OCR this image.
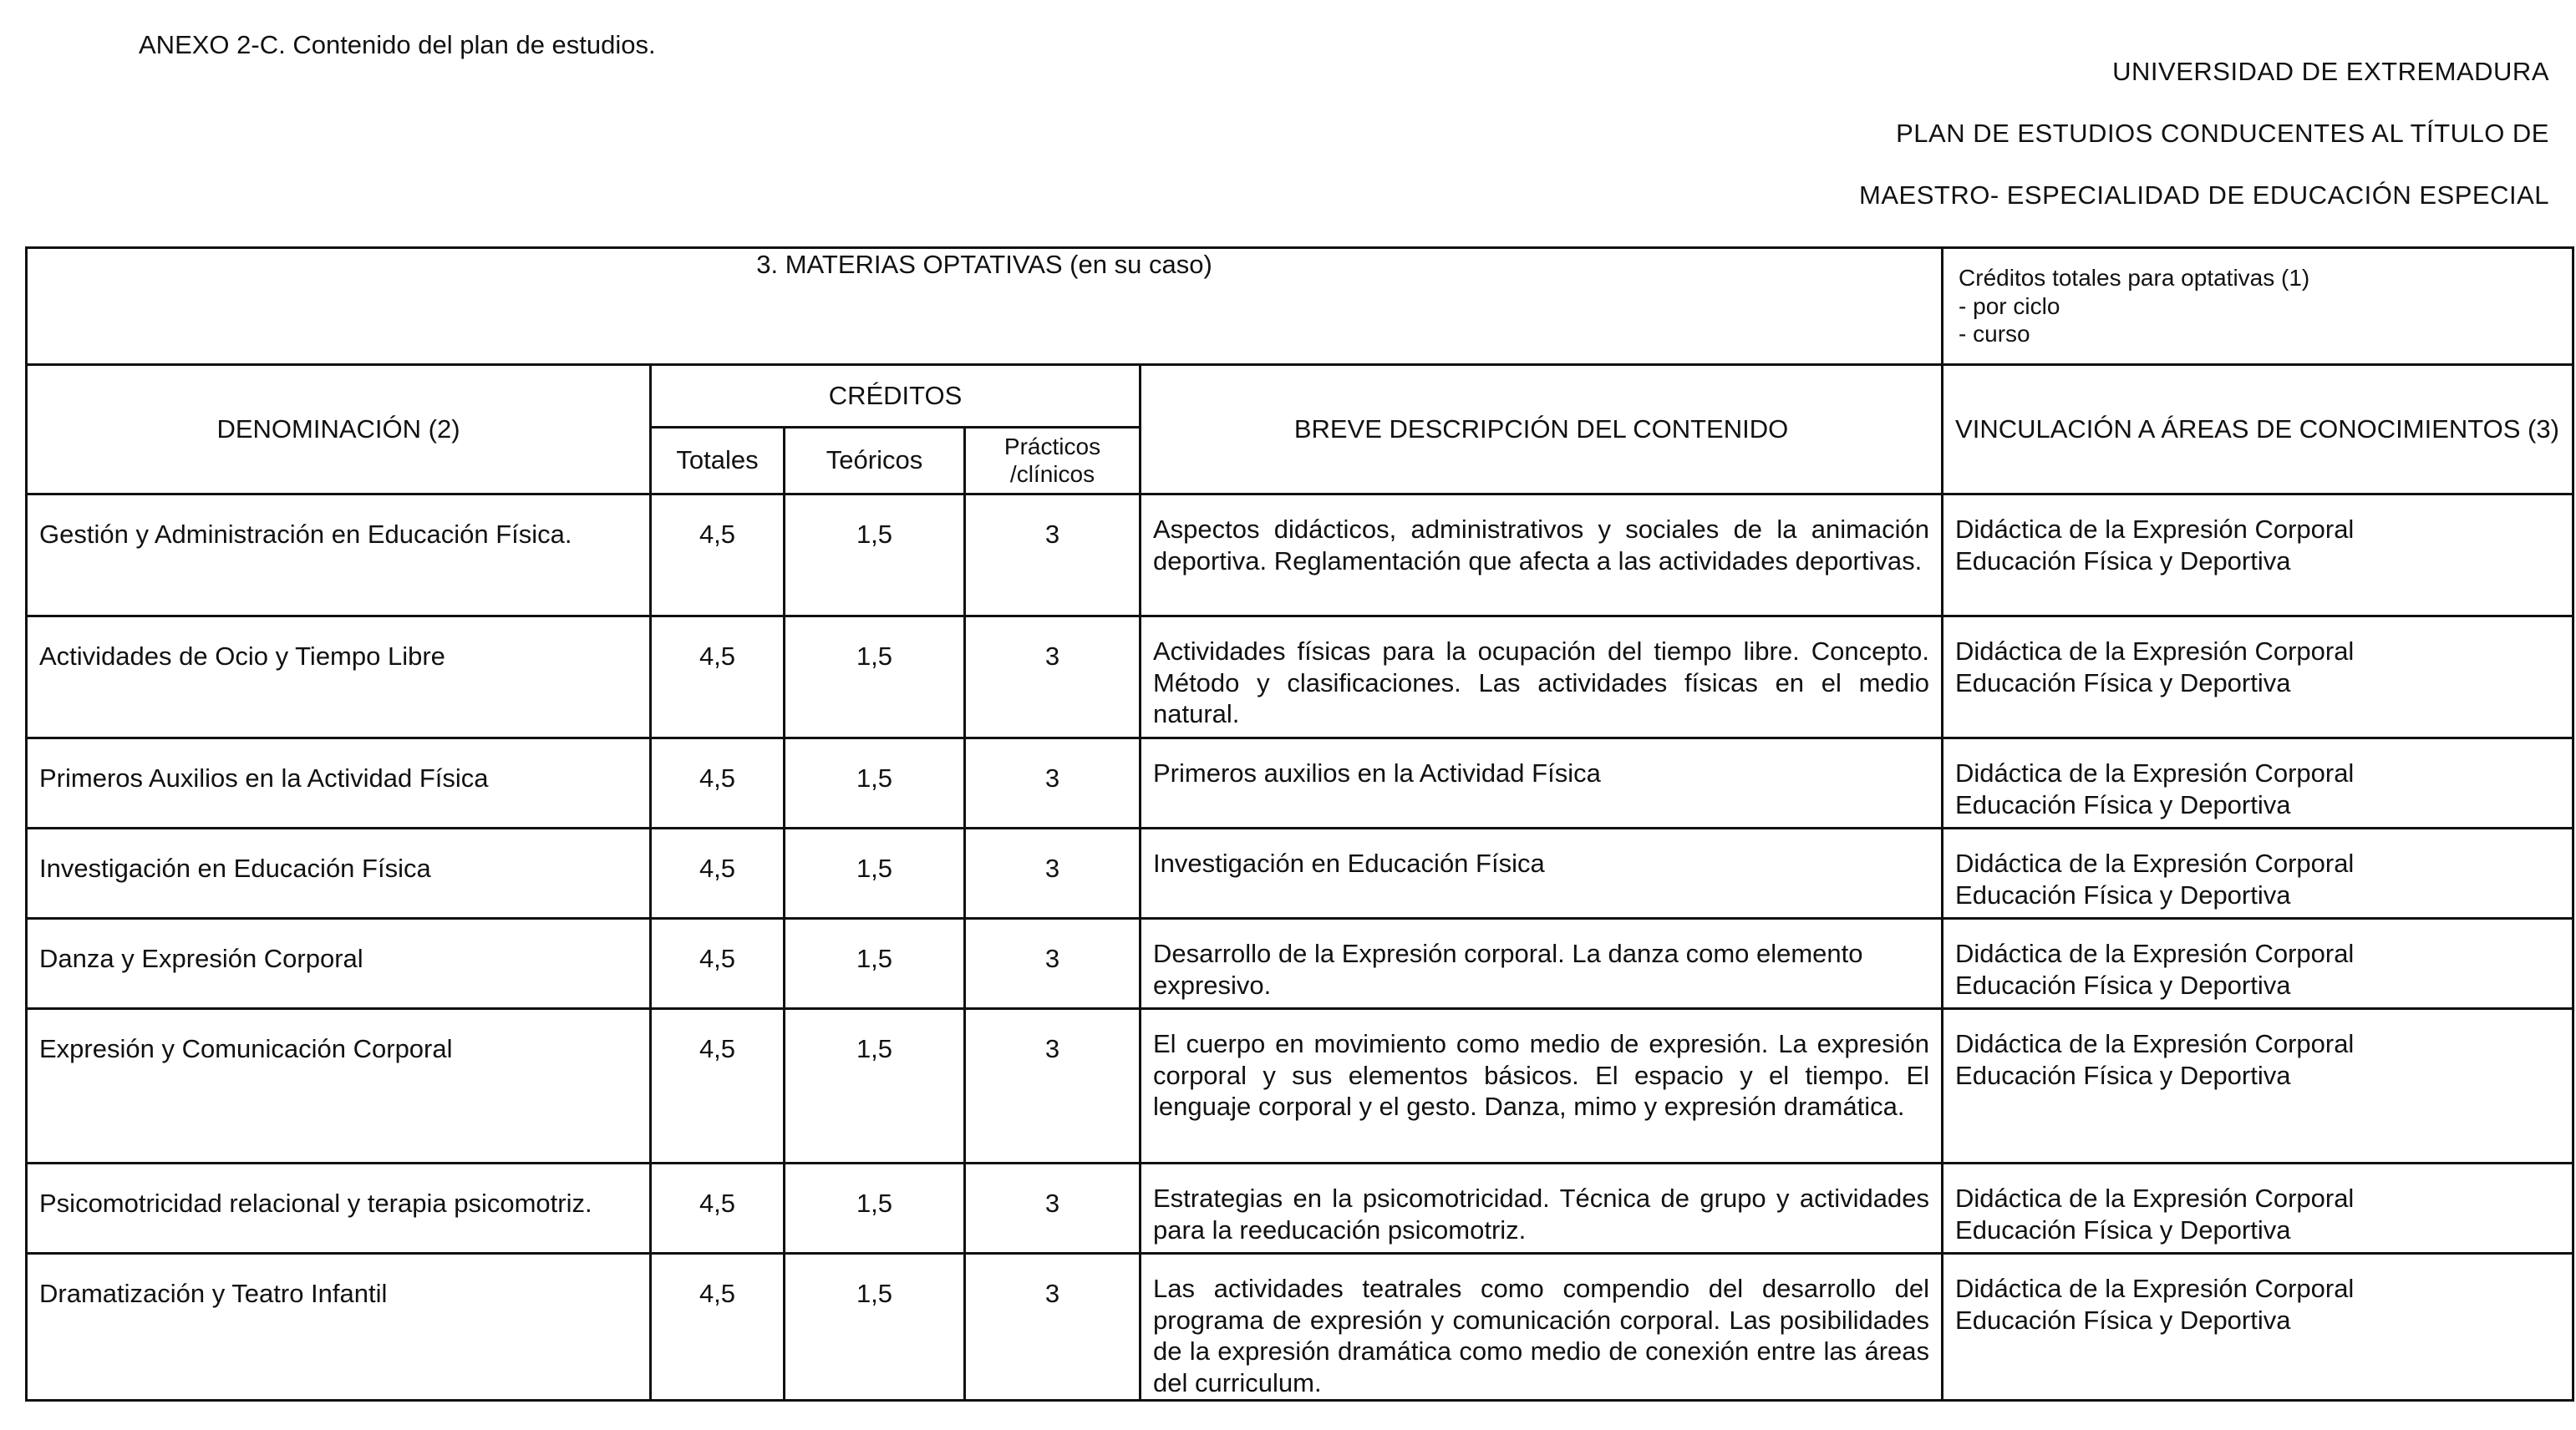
ANEXO 2-C. Contenido del plan de estudios.
UNIVERSIDAD DE EXTREMADURA
PLAN DE ESTUDIOS CONDUCENTES AL TÍTULO DE
MAESTRO- ESPECIALIDAD DE EDUCACIÓN ESPECIAL
3. MATERIAS OPTATIVAS (en su caso)					Créditos totales para optativas (1)
- por ciclo
- curso

DENOMINACIÓN (2)	CRÉDITOS			BREVE DESCRIPCIÓN DEL CONTENIDO	VINCULACIÓN A ÁREAS DE CONOCIMIENTOS (3)
	Totales	Teóricos	Prácticos
/clínicos		

Gestión y Administración en Educación Física.	4,5	1,5	3	Aspectos didácticos, administrativos y sociales de la animación deportiva. Reglamentación que afecta a las actividades deportivas.	Didáctica de la Expresión Corporal
Educación Física y Deportiva

Actividades de Ocio y Tiempo Libre	4,5	1,5	3	Actividades físicas para la ocupación del tiempo libre. Concepto. Método y clasificaciones. Las actividades físicas en el medio natural.	Didáctica de la Expresión Corporal
Educación Física y Deportiva

Primeros Auxilios en la Actividad Física	4,5	1,5	3	Primeros auxilios en la Actividad Física	Didáctica de la Expresión Corporal
Educación Física y Deportiva

Investigación en Educación Física	4,5	1,5	3	Investigación en Educación Física	Didáctica de la Expresión Corporal
Educación Física y Deportiva

Danza y Expresión Corporal	4,5	1,5	3	Desarrollo de la Expresión corporal. La danza como elemento expresivo.	Didáctica de la Expresión Corporal
Educación Física y Deportiva

Expresión y Comunicación Corporal	4,5	1,5	3	El cuerpo en movimiento como medio de expresión. La expresión corporal y sus elementos básicos. El espacio y el tiempo. El lenguaje corporal y el gesto. Danza, mimo y expresión dramática.	Didáctica de la Expresión Corporal
Educación Física y Deportiva

Psicomotricidad relacional y terapia psicomotriz.	4,5	1,5	3	Estrategias en la psicomotricidad. Técnica de grupo y actividades para la reeducación psicomotriz.	Didáctica de la Expresión Corporal
Educación Física y Deportiva

Dramatización y Teatro Infantil	4,5	1,5	3	Las actividades teatrales como compendio del desarrollo del programa de expresión y comunicación corporal. Las posibilidades de la expresión dramática como medio de conexión entre las áreas del curriculum.	Didáctica de la Expresión Corporal
Educación Física y Deportiva
